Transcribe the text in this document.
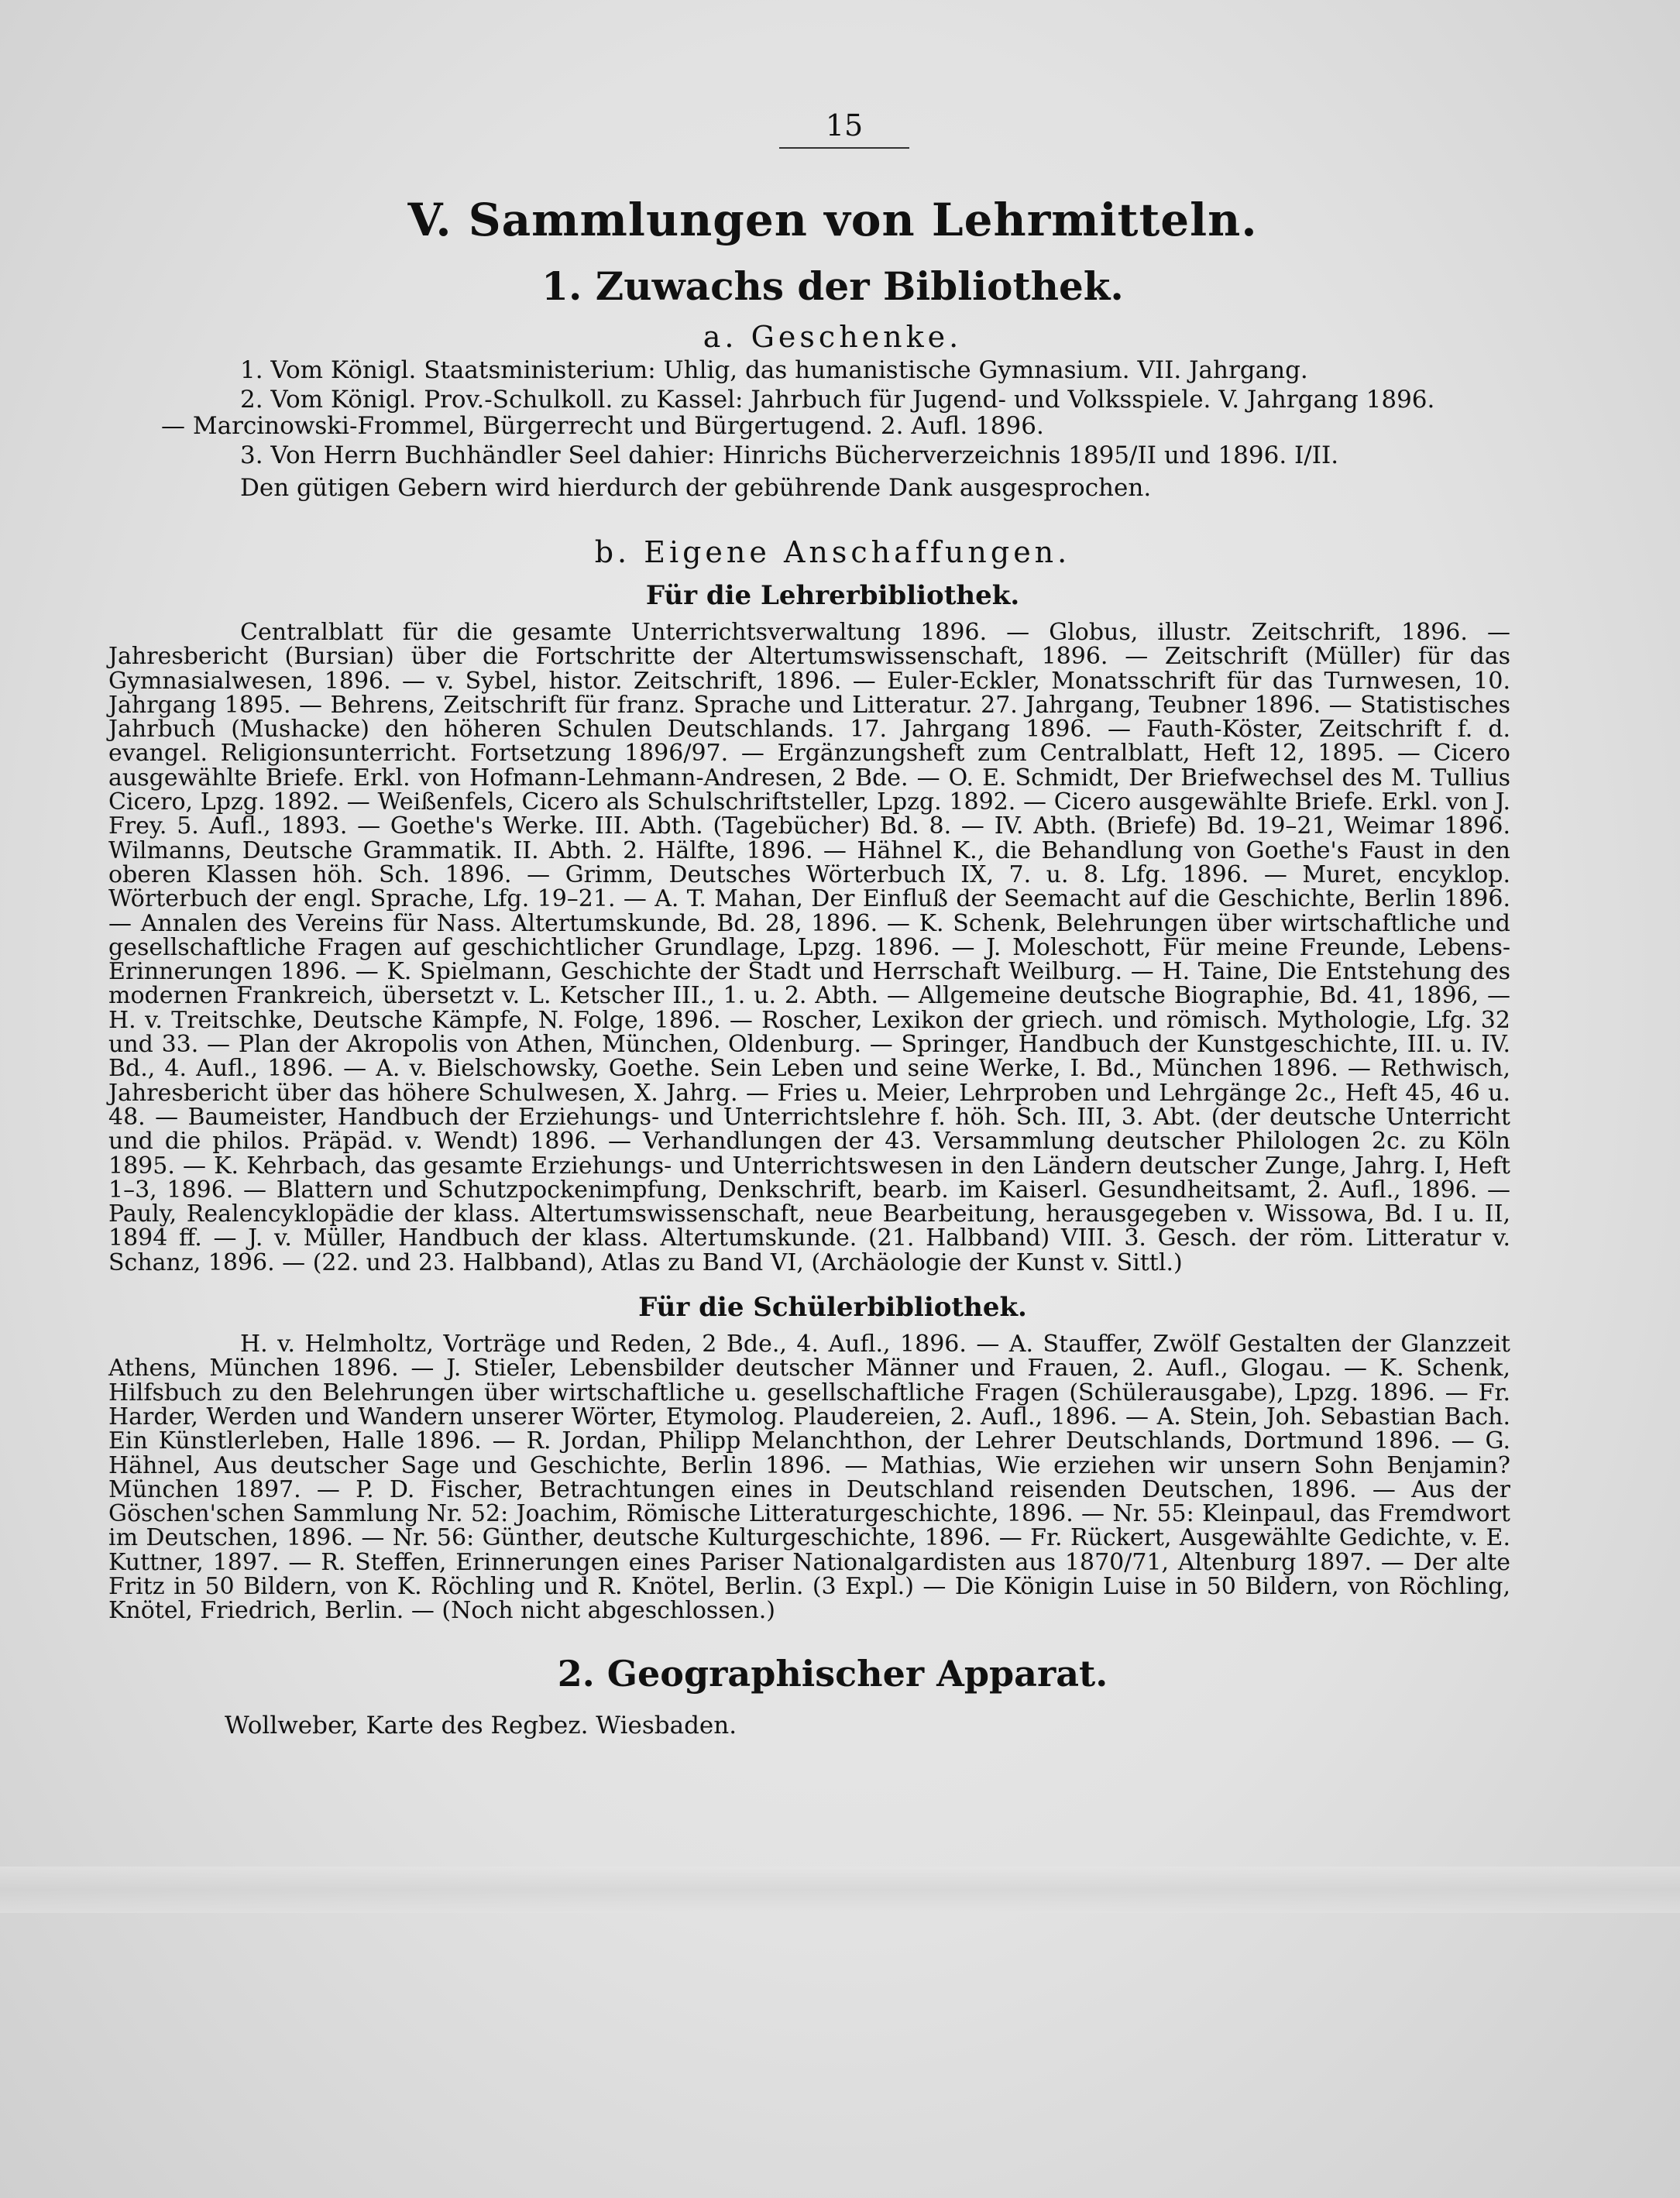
15
V. Sammlungen von Lehrmitteln.
1. Zuwachs der Bibliothek.
a. Geschenke.
1. Vom Königl. Staatsministerium: Uhlig, das humanistische Gymnasium. VII. Jahrgang.
2. Vom Königl. Prov.-Schulkoll. zu Kassel: Jahrbuch für Jugend- und Volksspiele. V. Jahrgang 1896.
— Marcinowski-Frommel, Bürgerrecht und Bürgertugend. 2. Aufl. 1896.
3. Von Herrn Buchhändler Seel dahier: Hinrichs Bücherverzeichnis 1895/II und 1896. I/II.
Den gütigen Gebern wird hierdurch der gebührende Dank ausgesprochen.
b. Eigene Anschaffungen.
Für die Lehrerbibliothek.

Centralblatt für die gesamte Unterrichtsverwaltung 1896. — Globus, illustr. Zeitschrift, 1896. — Jahresbericht (Bursian) über die Fortschritte der Altertumswissenschaft, 1896. — Zeitschrift (Müller) für das Gymnasialwesen, 1896. — v. Sybel, histor. Zeitschrift, 1896. — Euler-Eckler, Monatsschrift für das Turnwesen, 10. Jahrgang 1895. — Behrens, Zeitschrift für franz. Sprache und Litteratur. 27. Jahrgang, Teubner 1896. — Statistisches Jahrbuch (Mushacke) den höheren Schulen Deutschlands. 17. Jahrgang 1896. — Fauth-Köster, Zeitschrift f. d. evangel. Religionsunterricht. Fortsetzung 1896/97. — Ergänzungsheft zum Centralblatt, Heft 12, 1895. — Cicero ausgewählte Briefe. Erkl. von Hofmann-Lehmann-Andresen, 2 Bde. — O. E. Schmidt, Der Briefwechsel des M. Tullius Cicero, Lpzg. 1892. — Weißenfels, Cicero als Schulschriftsteller, Lpzg. 1892. — Cicero ausgewählte Briefe. Erkl. von J. Frey. 5. Aufl., 1893. — Goethe's Werke. III. Abth. (Tagebücher) Bd. 8. — IV. Abth. (Briefe) Bd. 19–21, Weimar 1896. Wilmanns, Deutsche Grammatik. II. Abth. 2. Hälfte, 1896. — Hähnel K., die Behandlung von Goethe's Faust in den oberen Klassen höh. Sch. 1896. — Grimm, Deutsches Wörterbuch IX, 7. u. 8. Lfg. 1896. — Muret, encyklop. Wörterbuch der engl. Sprache, Lfg. 19–21. — A. T. Mahan, Der Einfluß der Seemacht auf die Geschichte, Berlin 1896. — Annalen des Vereins für Nass. Altertumskunde, Bd. 28, 1896. — K. Schenk, Belehrungen über wirtschaftliche und gesellschaftliche Fragen auf geschichtlicher Grundlage, Lpzg. 1896. — J. Moleschott, Für meine Freunde, Lebens-Erinnerungen 1896. — K. Spielmann, Geschichte der Stadt und Herrschaft Weilburg. — H. Taine, Die Entstehung des modernen Frankreich, übersetzt v. L. Ketscher III., 1. u. 2. Abth. — Allgemeine deutsche Biographie, Bd. 41, 1896, — H. v. Treitschke, Deutsche Kämpfe, N. Folge, 1896. — Roscher, Lexikon der griech. und römisch. Mythologie, Lfg. 32 und 33. — Plan der Akropolis von Athen, München, Oldenburg. — Springer, Handbuch der Kunstgeschichte, III. u. IV. Bd., 4. Aufl., 1896. — A. v. Bielschowsky, Goethe. Sein Leben und seine Werke, I. Bd., München 1896. — Rethwisch, Jahresbericht über das höhere Schulwesen, X. Jahrg. — Fries u. Meier, Lehrproben und Lehrgänge 2c., Heft 45, 46 u. 48. — Baumeister, Handbuch der Erziehungs- und Unterrichtslehre f. höh. Sch. III, 3. Abt. (der deutsche Unterricht und die philos. Präpäd. v. Wendt) 1896. — Verhandlungen der 43. Versammlung deutscher Philologen 2c. zu Köln 1895. — K. Kehrbach, das gesamte Erziehungs- und Unterrichtswesen in den Ländern deutscher Zunge, Jahrg. I, Heft 1–3, 1896. — Blattern und Schutzpockenimpfung, Denkschrift, bearb. im Kaiserl. Gesundheitsamt, 2. Aufl., 1896. — Pauly, Realencyklopädie der klass. Altertumswissenschaft, neue Bearbeitung, herausgegeben v. Wissowa, Bd. I u. II, 1894 ff. — J. v. Müller, Handbuch der klass. Altertumskunde. (21. Halbband) VIII. 3. Gesch. der röm. Litteratur v. Schanz, 1896. — (22. und 23. Halbband), Atlas zu Band VI, (Archäologie der Kunst v. Sittl.)

Für die Schülerbibliothek.

H. v. Helmholtz, Vorträge und Reden, 2 Bde., 4. Aufl., 1896. — A. Stauffer, Zwölf Gestalten der Glanzzeit Athens, München 1896. — J. Stieler, Lebensbilder deutscher Männer und Frauen, 2. Aufl., Glogau. — K. Schenk, Hilfsbuch zu den Belehrungen über wirtschaftliche u. gesellschaftliche Fragen (Schülerausgabe), Lpzg. 1896. — Fr. Harder, Werden und Wandern unserer Wörter, Etymolog. Plaudereien, 2. Aufl., 1896. — A. Stein, Joh. Sebastian Bach. Ein Künstlerleben, Halle 1896. — R. Jordan, Philipp Melanchthon, der Lehrer Deutschlands, Dortmund 1896. — G. Hähnel, Aus deutscher Sage und Geschichte, Berlin 1896. — Mathias, Wie erziehen wir unsern Sohn Benjamin? München 1897. — P. D. Fischer, Betrachtungen eines in Deutschland reisenden Deutschen, 1896. — Aus der Göschen'schen Sammlung Nr. 52: Joachim, Römische Litteraturgeschichte, 1896. — Nr. 55: Kleinpaul, das Fremdwort im Deutschen, 1896. — Nr. 56: Günther, deutsche Kulturgeschichte, 1896. — Fr. Rückert, Ausgewählte Gedichte, v. E. Kuttner, 1897. — R. Steffen, Erinnerungen eines Pariser Nationalgardisten aus 1870/71, Altenburg 1897. — Der alte Fritz in 50 Bildern, von K. Röchling und R. Knötel, Berlin. (3 Expl.) — Die Königin Luise in 50 Bildern, von Röchling, Knötel, Friedrich, Berlin. — (Noch nicht abgeschlossen.)

2. Geographischer Apparat.
Wollweber, Karte des Regbez. Wiesbaden.
